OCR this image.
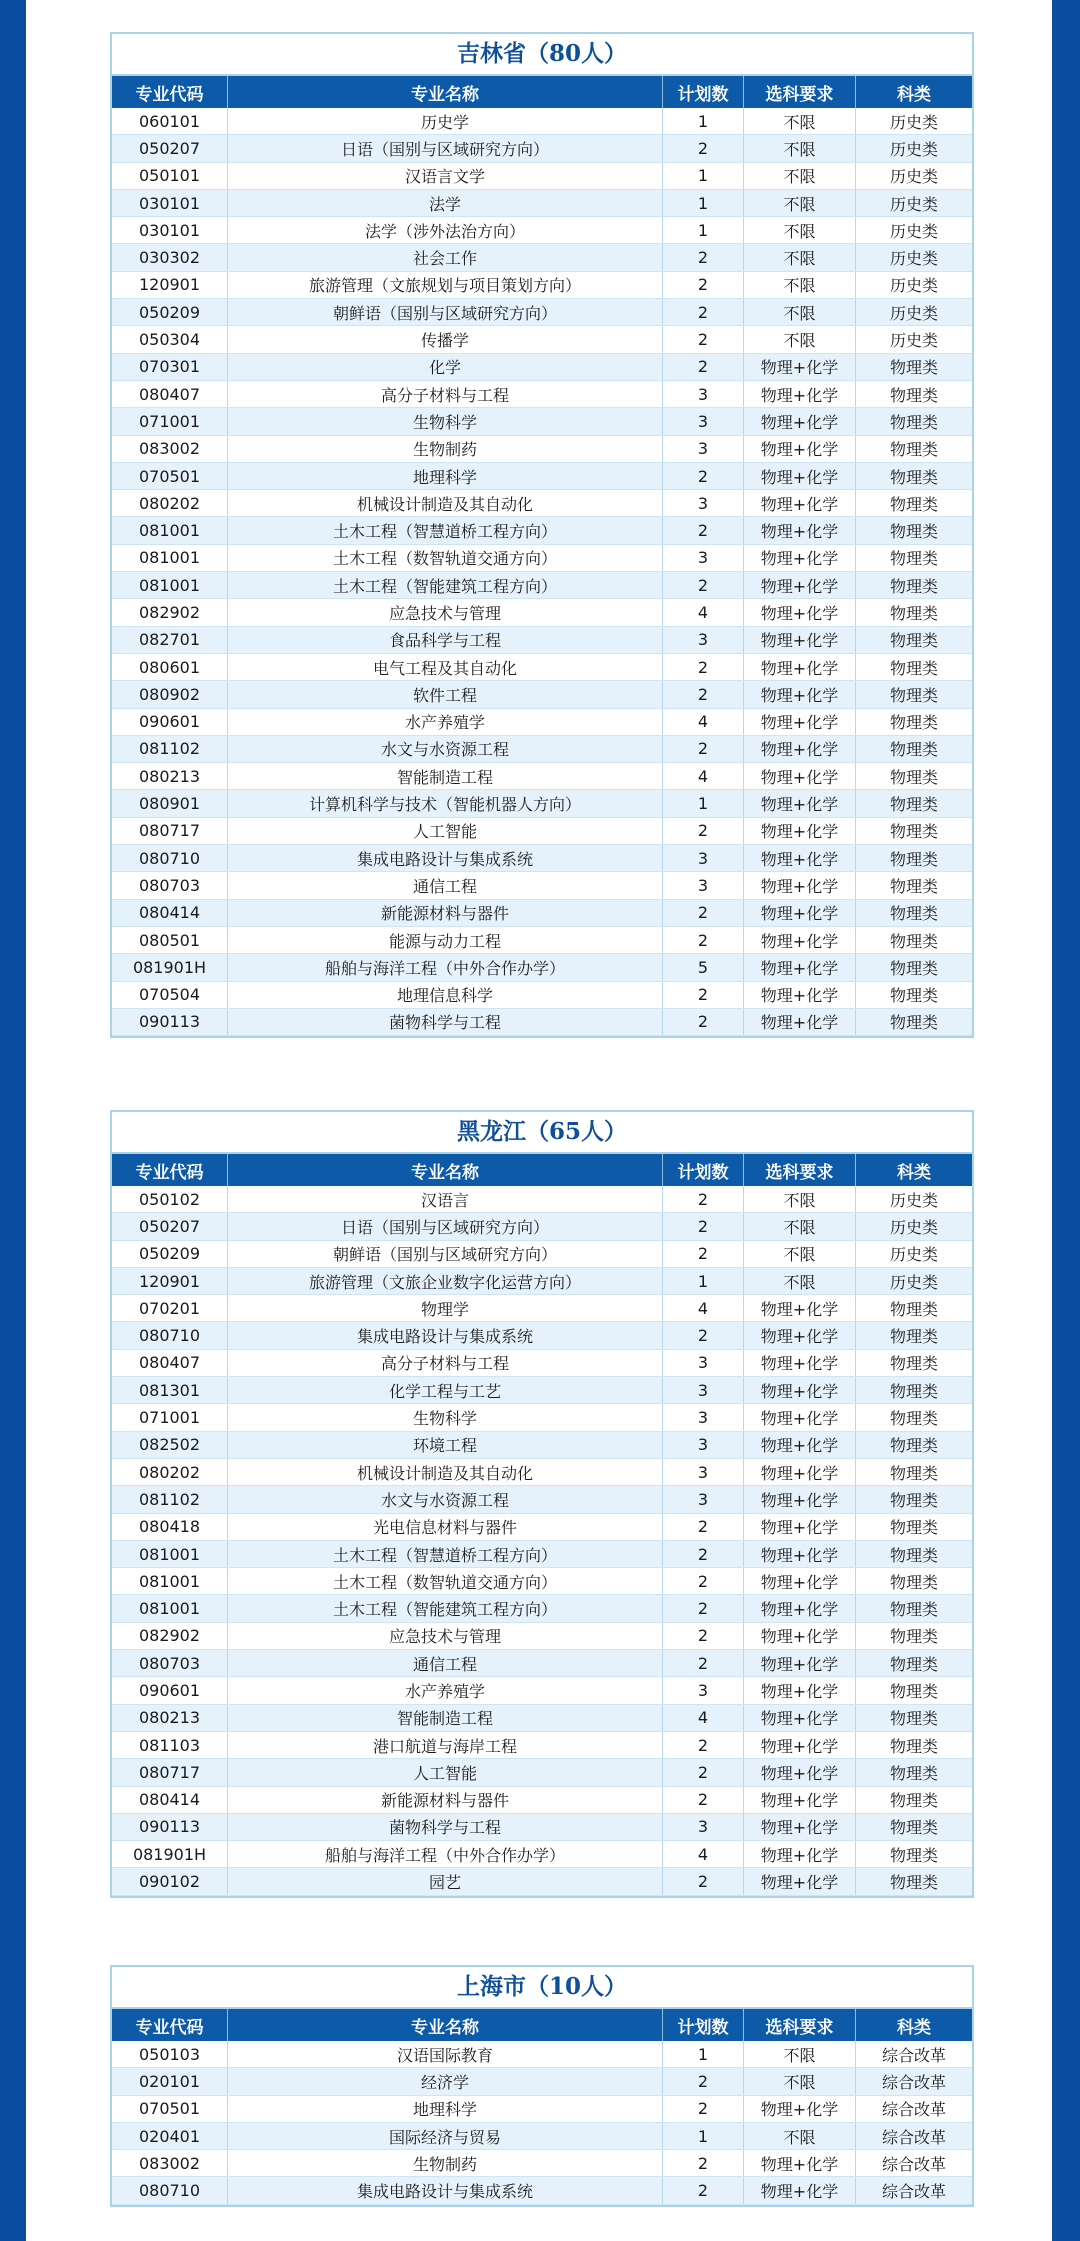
吉林省（80人）
专业代码	专业名称	计划数	选科要求	科类
060101	历史学	1	不限	历史类
050207	日语（国别与区域研究方向）	2	不限	历史类
050101	汉语言文学	1	不限	历史类
030101	法学	1	不限	历史类
030101	法学（涉外法治方向）	1	不限	历史类
030302	社会工作	2	不限	历史类
120901	旅游管理（文旅规划与项目策划方向）	2	不限	历史类
050209	朝鲜语（国别与区域研究方向）	2	不限	历史类
050304	传播学	2	不限	历史类
070301	化学	2	物理+化学	物理类
080407	高分子材料与工程	3	物理+化学	物理类
071001	生物科学	3	物理+化学	物理类
083002	生物制药	3	物理+化学	物理类
070501	地理科学	2	物理+化学	物理类
080202	机械设计制造及其自动化	3	物理+化学	物理类
081001	土木工程（智慧道桥工程方向）	2	物理+化学	物理类
081001	土木工程（数智轨道交通方向）	3	物理+化学	物理类
081001	土木工程（智能建筑工程方向）	2	物理+化学	物理类
082902	应急技术与管理	4	物理+化学	物理类
082701	食品科学与工程	3	物理+化学	物理类
080601	电气工程及其自动化	2	物理+化学	物理类
080902	软件工程	2	物理+化学	物理类
090601	水产养殖学	4	物理+化学	物理类
081102	水文与水资源工程	2	物理+化学	物理类
080213	智能制造工程	4	物理+化学	物理类
080901	计算机科学与技术（智能机器人方向）	1	物理+化学	物理类
080717	人工智能	2	物理+化学	物理类
080710	集成电路设计与集成系统	3	物理+化学	物理类
080703	通信工程	3	物理+化学	物理类
080414	新能源材料与器件	2	物理+化学	物理类
080501	能源与动力工程	2	物理+化学	物理类
081901H	船舶与海洋工程（中外合作办学）	5	物理+化学	物理类
070504	地理信息科学	2	物理+化学	物理类
090113	菌物科学与工程	2	物理+化学	物理类
黑龙江（65人）
专业代码	专业名称	计划数	选科要求	科类
050102	汉语言	2	不限	历史类
050207	日语（国别与区域研究方向）	2	不限	历史类
050209	朝鲜语（国别与区域研究方向）	2	不限	历史类
120901	旅游管理（文旅企业数字化运营方向）	1	不限	历史类
070201	物理学	4	物理+化学	物理类
080710	集成电路设计与集成系统	2	物理+化学	物理类
080407	高分子材料与工程	3	物理+化学	物理类
081301	化学工程与工艺	3	物理+化学	物理类
071001	生物科学	3	物理+化学	物理类
082502	环境工程	3	物理+化学	物理类
080202	机械设计制造及其自动化	3	物理+化学	物理类
081102	水文与水资源工程	3	物理+化学	物理类
080418	光电信息材料与器件	2	物理+化学	物理类
081001	土木工程（智慧道桥工程方向）	2	物理+化学	物理类
081001	土木工程（数智轨道交通方向）	2	物理+化学	物理类
081001	土木工程（智能建筑工程方向）	2	物理+化学	物理类
082902	应急技术与管理	2	物理+化学	物理类
080703	通信工程	2	物理+化学	物理类
090601	水产养殖学	3	物理+化学	物理类
080213	智能制造工程	4	物理+化学	物理类
081103	港口航道与海岸工程	2	物理+化学	物理类
080717	人工智能	2	物理+化学	物理类
080414	新能源材料与器件	2	物理+化学	物理类
090113	菌物科学与工程	3	物理+化学	物理类
081901H	船舶与海洋工程（中外合作办学）	4	物理+化学	物理类
090102	园艺	2	物理+化学	物理类
上海市（10人）
专业代码	专业名称	计划数	选科要求	科类
050103	汉语国际教育	1	不限	综合改革
020101	经济学	2	不限	综合改革
070501	地理科学	2	物理+化学	综合改革
020401	国际经济与贸易	1	不限	综合改革
083002	生物制药	2	物理+化学	综合改革
080710	集成电路设计与集成系统	2	物理+化学	综合改革
